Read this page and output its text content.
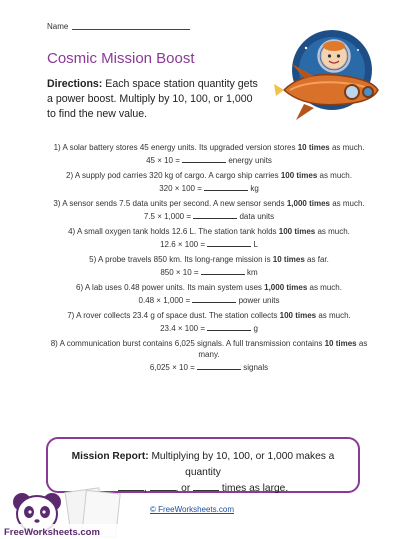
Name
Cosmic Mission Boost
Directions: Each space station quantity gets a power boost. Multiply by 10, 100, or 1,000 to find the new value.
1) A solar battery stores 45 energy units. Its upgraded version stores 10 times as much.
45 × 10 =	energy units
2) A supply pod carries 320 kg of cargo. A cargo ship carries 100 times as much.
320 × 100 =	kg
3) A sensor sends 7.5 data units per second. A new sensor sends 1,000 times as much.
7.5 × 1,000 =	data units
4) A small oxygen tank holds 12.6 L. The station tank holds 100 times as much.
12.6 × 100 =	L
5) A probe travels 850 km. Its long-range mission is 10 times as far.
850 × 10 =	km
6) A lab uses 0.48 power units. Its main system uses 1,000 times as much.
0.48 × 1,000 =	power units
7) A rover collects 23.4 g of space dust. The station collects 100 times as much.
23.4 × 100 =	g
8) A communication burst contains 6,025 signals. A full transmission contains 10 times as many.
6,025 × 10 =	signals
Mission Report: Multiplying by 10, 100, or 1,000 makes a quantity
,	, or	times as large.
FreeWorksheets.com
© FreeWorksheets.com
